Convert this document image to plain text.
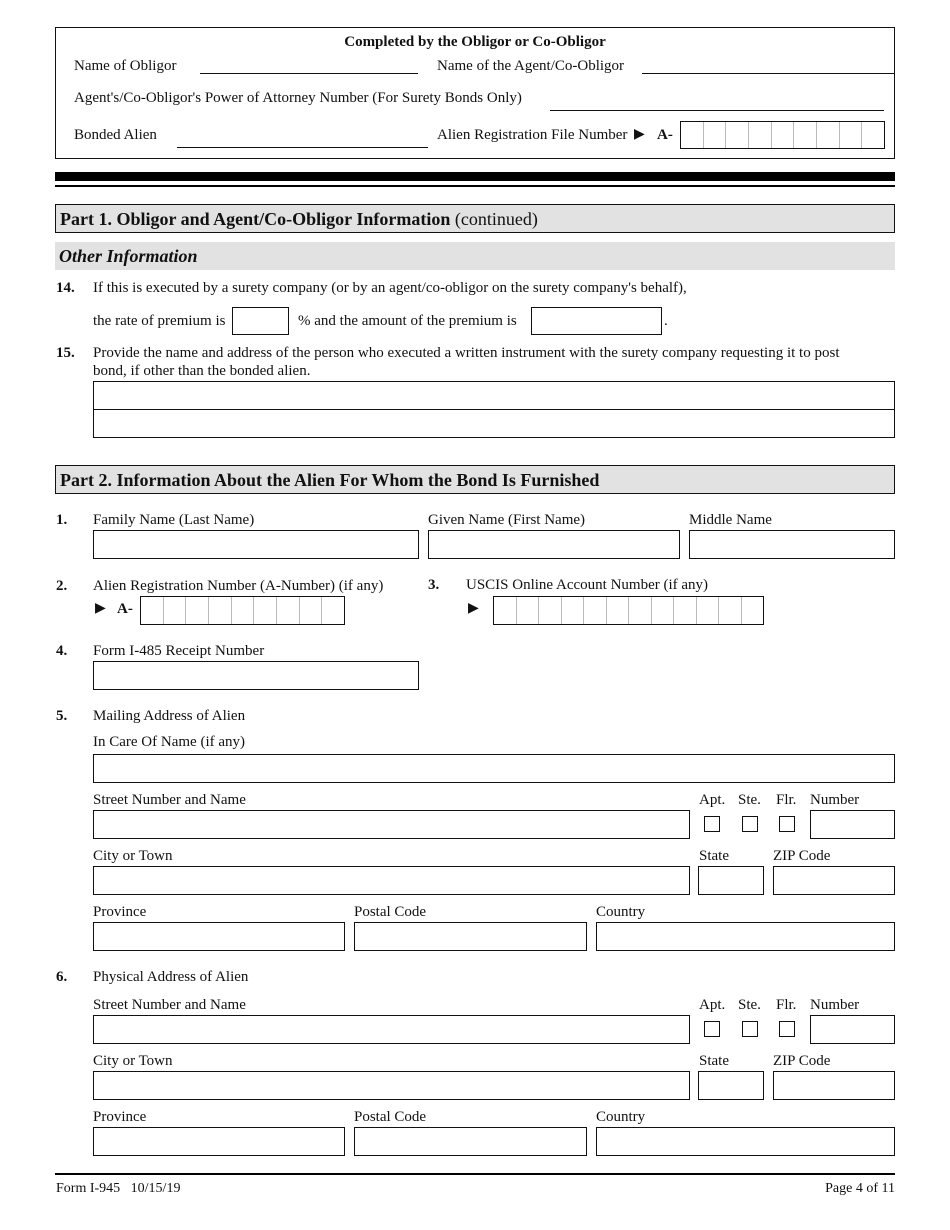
Completed by the Obligor or Co-Obligor
Name of Obligor	Name of the Agent/Co-Obligor
Agent's/Co-Obligor's Power of Attorney Number (For Surety Bonds Only)
Bonded Alien	Alien Registration File Number ▶ A-
Part 1. Obligor and Agent/Co-Obligor Information (continued)
Other Information
14. If this is executed by a surety company (or by an agent/co-obligor on the surety company's behalf),
the rate of premium is	% and the amount of the premium is	.
15. Provide the name and address of the person who executed a written instrument with the surety company requesting it to post
bond, if other than the bonded alien.
Part 2. Information About the Alien For Whom the Bond Is Furnished
1. Family Name (Last Name)	Given Name (First Name)	Middle Name
2. Alien Registration Number (A-Number) (if any)
▶ A-
3. USCIS Online Account Number (if any)
▶
4. Form I-485 Receipt Number
5. Mailing Address of Alien
In Care Of Name (if any)
Street Number and Name	Apt. Ste. Flr. Number
City or Town	State	ZIP Code
Province	Postal Code	Country
6. Physical Address of Alien
Street Number and Name	Apt. Ste. Flr. Number
City or Town	State	ZIP Code
Province	Postal Code	Country
Form I-945   10/15/19	Page 4 of 11
